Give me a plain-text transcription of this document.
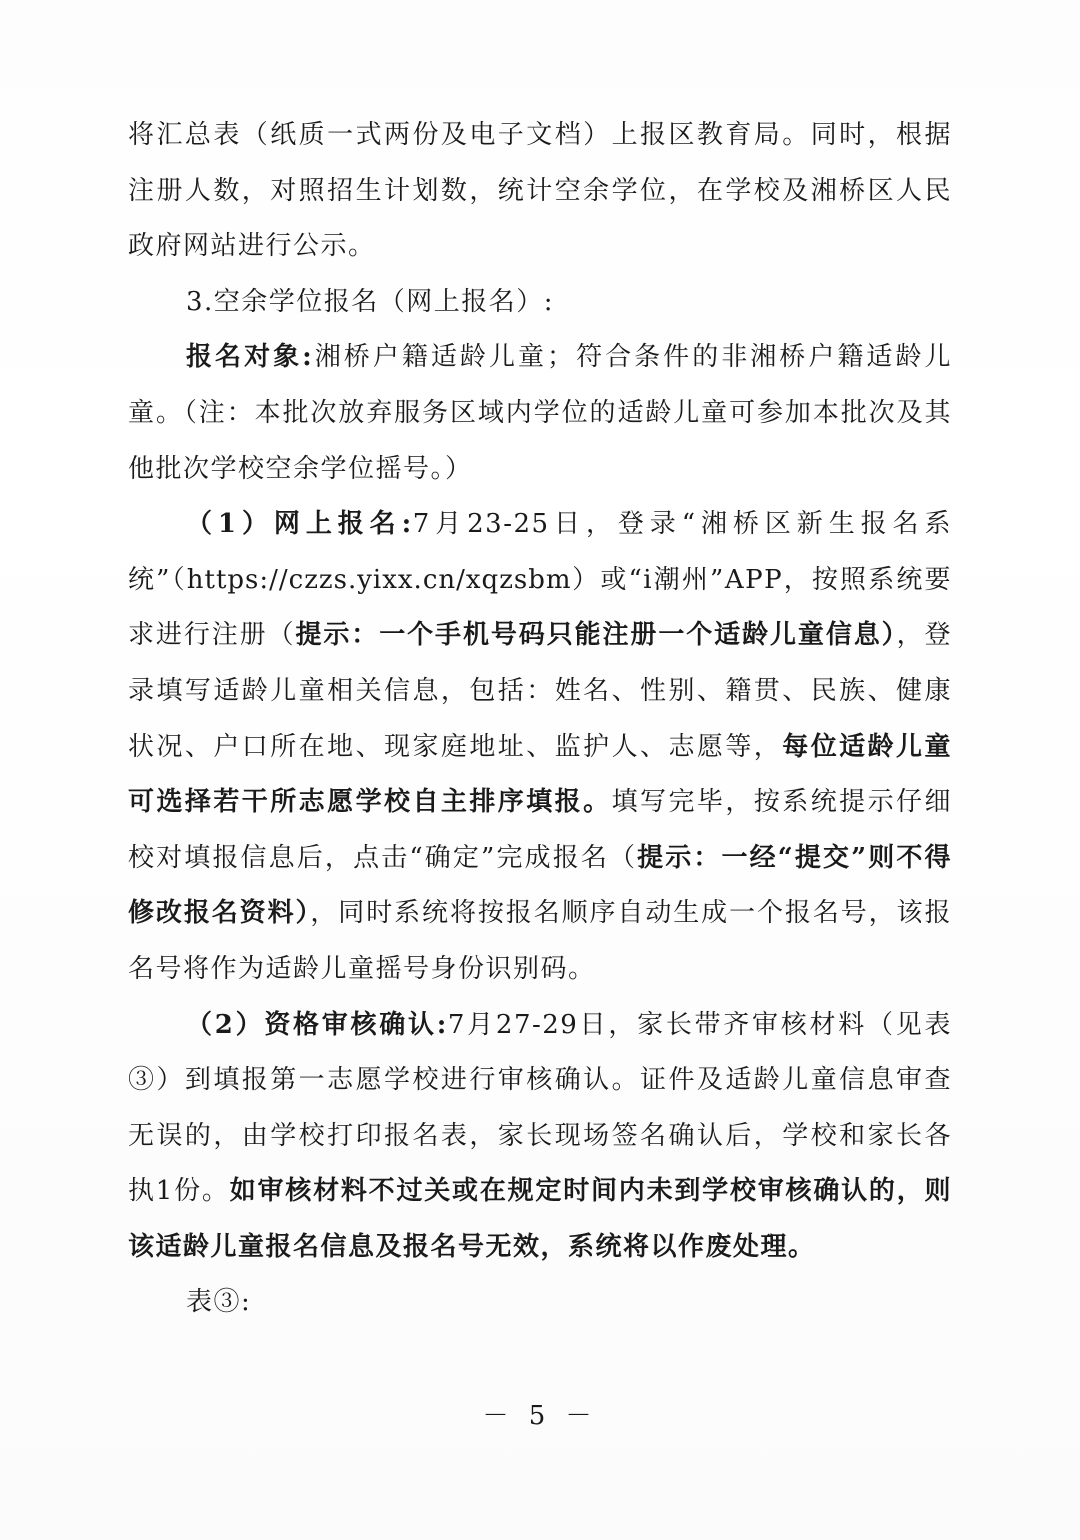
将汇总表（纸质一式两份及电子文档）上报区教育局。同时，根据注册人数，对照招生计划数，统计空余学位，在学校及湘桥区人民政府网站进行公示。

3.空余学位报名（网上报名）:

报名对象:湘桥户籍适龄儿童；符合条件的非湘桥户籍适龄儿童。（注：本批次放弃服务区域内学位的适龄儿童可参加本批次及其他批次学校空余学位摇号。）

（1）网上报名:7月23-25日，登录“湘桥区新生报名系统”（https://czzs.yixx.cn/xqzsbm）或“i潮州”APP，按照系统要求进行注册（提示：一个手机号码只能注册一个适龄儿童信息），登录填写适龄儿童相关信息，包括：姓名、性别、籍贯、民族、健康状况、户口所在地、现家庭地址、监护人、志愿等，每位适龄儿童可选择若干所志愿学校自主排序填报。填写完毕，按系统提示仔细校对填报信息后，点击“确定”完成报名（提示：一经“提交”则不得修改报名资料），同时系统将按报名顺序自动生成一个报名号，该报名号将作为适龄儿童摇号身份识别码。

（2）资格审核确认:7月27-29日，家长带齐审核材料（见表③）到填报第一志愿学校进行审核确认。证件及适龄儿童信息审查无误的，由学校打印报名表，家长现场签名确认后，学校和家长各执1份。如审核材料不过关或在规定时间内未到学校审核确认的，则该适龄儿童报名信息及报名号无效，系统将以作废处理。

表③:

－ 5 －
